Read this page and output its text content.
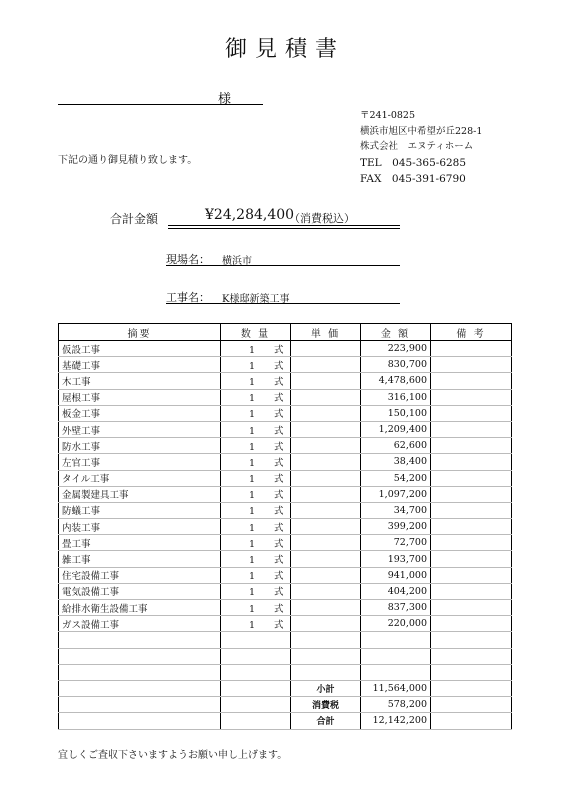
御見積書
様
下記の通り御見積り致します。
〒241-0825
横浜市旭区中希望が丘228-1
株式会社　エヌティホーム
TEL　045-365-6285
FAX　045-391-6790
合計金額	¥24,284,400
（消費税込）
現場名： 横浜市
工事名： K様邸新築工事
摘要	数 量	単 価	金 額	備 考
仮設工事	1　　式		223,900	
基礎工事	1　　式		830,700	
木工事	1　　式		4,478,600	
屋根工事	1　　式		316,100	
板金工事	1　　式		150,100	
外壁工事	1　　式		1,209,400	
防水工事	1　　式		62,600	
左官工事	1　　式		38,400	
タイル工事	1　　式		54,200	
金属製建具工事	1　　式		1,097,200	
防蟻工事	1　　式		34,700	
内装工事	1　　式		399,200	
畳工事	1　　式		72,700	
雑工事	1　　式		193,700	
住宅設備工事	1　　式		941,000	
電気設備工事	1　　式		404,200	
給排水衛生設備工事	1　　式		837,300	
ガス設備工事	1　　式		220,000	

		小計	11,564,000	
		消費税	578,200	
		合計	12,142,200	
宜しくご査収下さいますようお願い申し上げます。
